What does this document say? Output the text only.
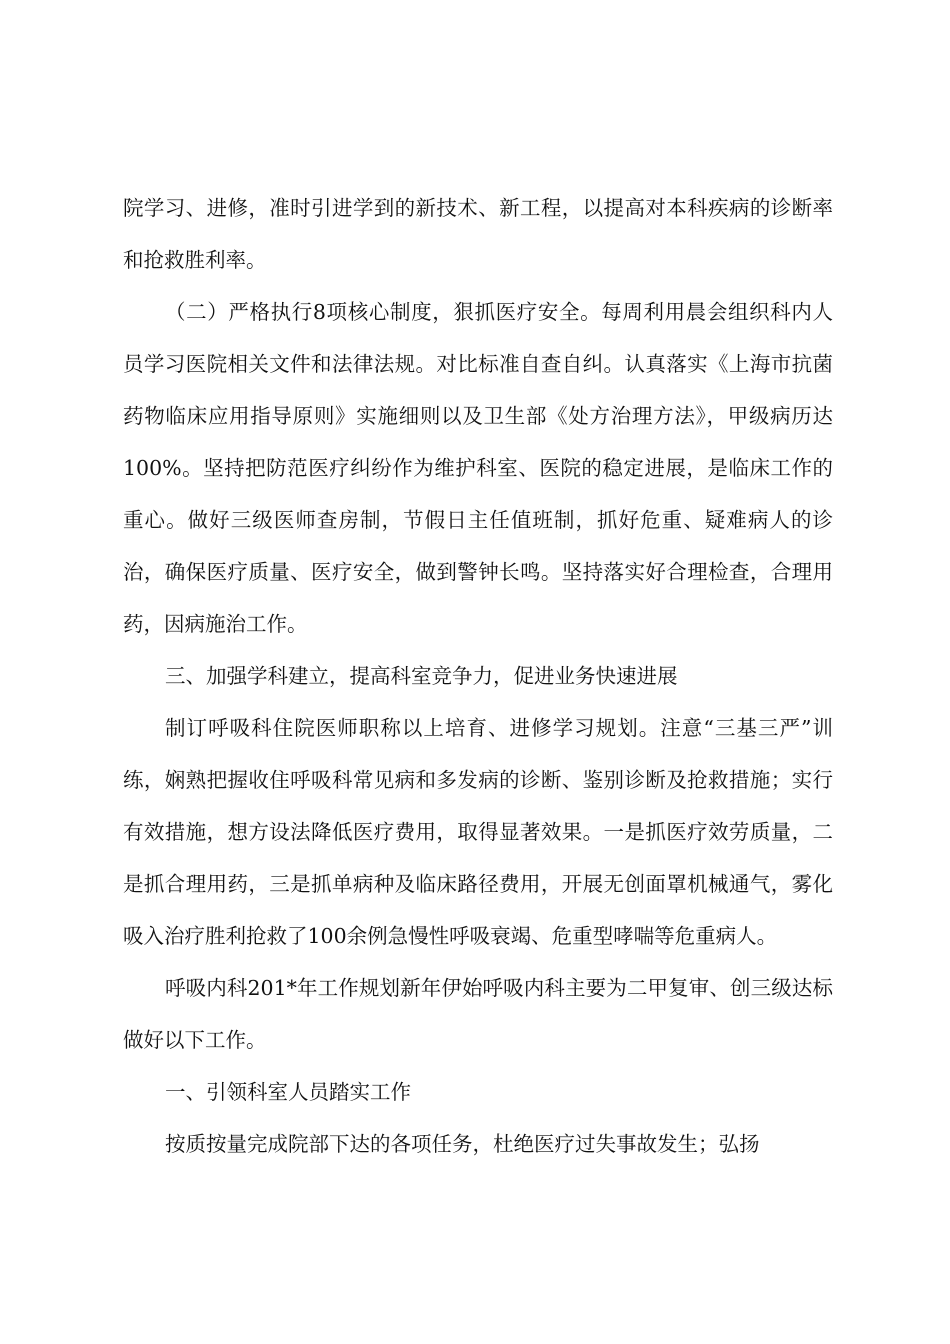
院学习、进修，准时引进学到的新技术、新工程，以提高对本科疾病的诊断率和抢救胜利率。

（二）严格执行8项核心制度，狠抓医疗安全。每周利用晨会组织科内人员学习医院相关文件和法律法规。对比标准自查自纠。认真落实《上海市抗菌药物临床应用指导原则》实施细则以及卫生部《处方治理方法》，甲级病历达100%。坚持把防范医疗纠纷作为维护科室、医院的稳定进展，是临床工作的重心。做好三级医师查房制，节假日主任值班制，抓好危重、疑难病人的诊治，确保医疗质量、医疗安全，做到警钟长鸣。坚持落实好合理检查，合理用药，因病施治工作。

三、加强学科建立，提高科室竞争力，促进业务快速进展

制订呼吸科住院医师职称以上培育、进修学习规划。注意“三基三严”训练，娴熟把握收住呼吸科常见病和多发病的诊断、鉴别诊断及抢救措施；实行有效措施，想方设法降低医疗费用，取得显著效果。一是抓医疗效劳质量，二是抓合理用药，三是抓单病种及临床路径费用，开展无创面罩机械通气，雾化吸入治疗胜利抢救了100余例急慢性呼吸衰竭、危重型哮喘等危重病人。

呼吸内科201*年工作规划新年伊始呼吸内科主要为二甲复审、创三级达标做好以下工作。

一、引领科室人员踏实工作

按质按量完成院部下达的各项任务，杜绝医疗过失事故发生；弘扬
